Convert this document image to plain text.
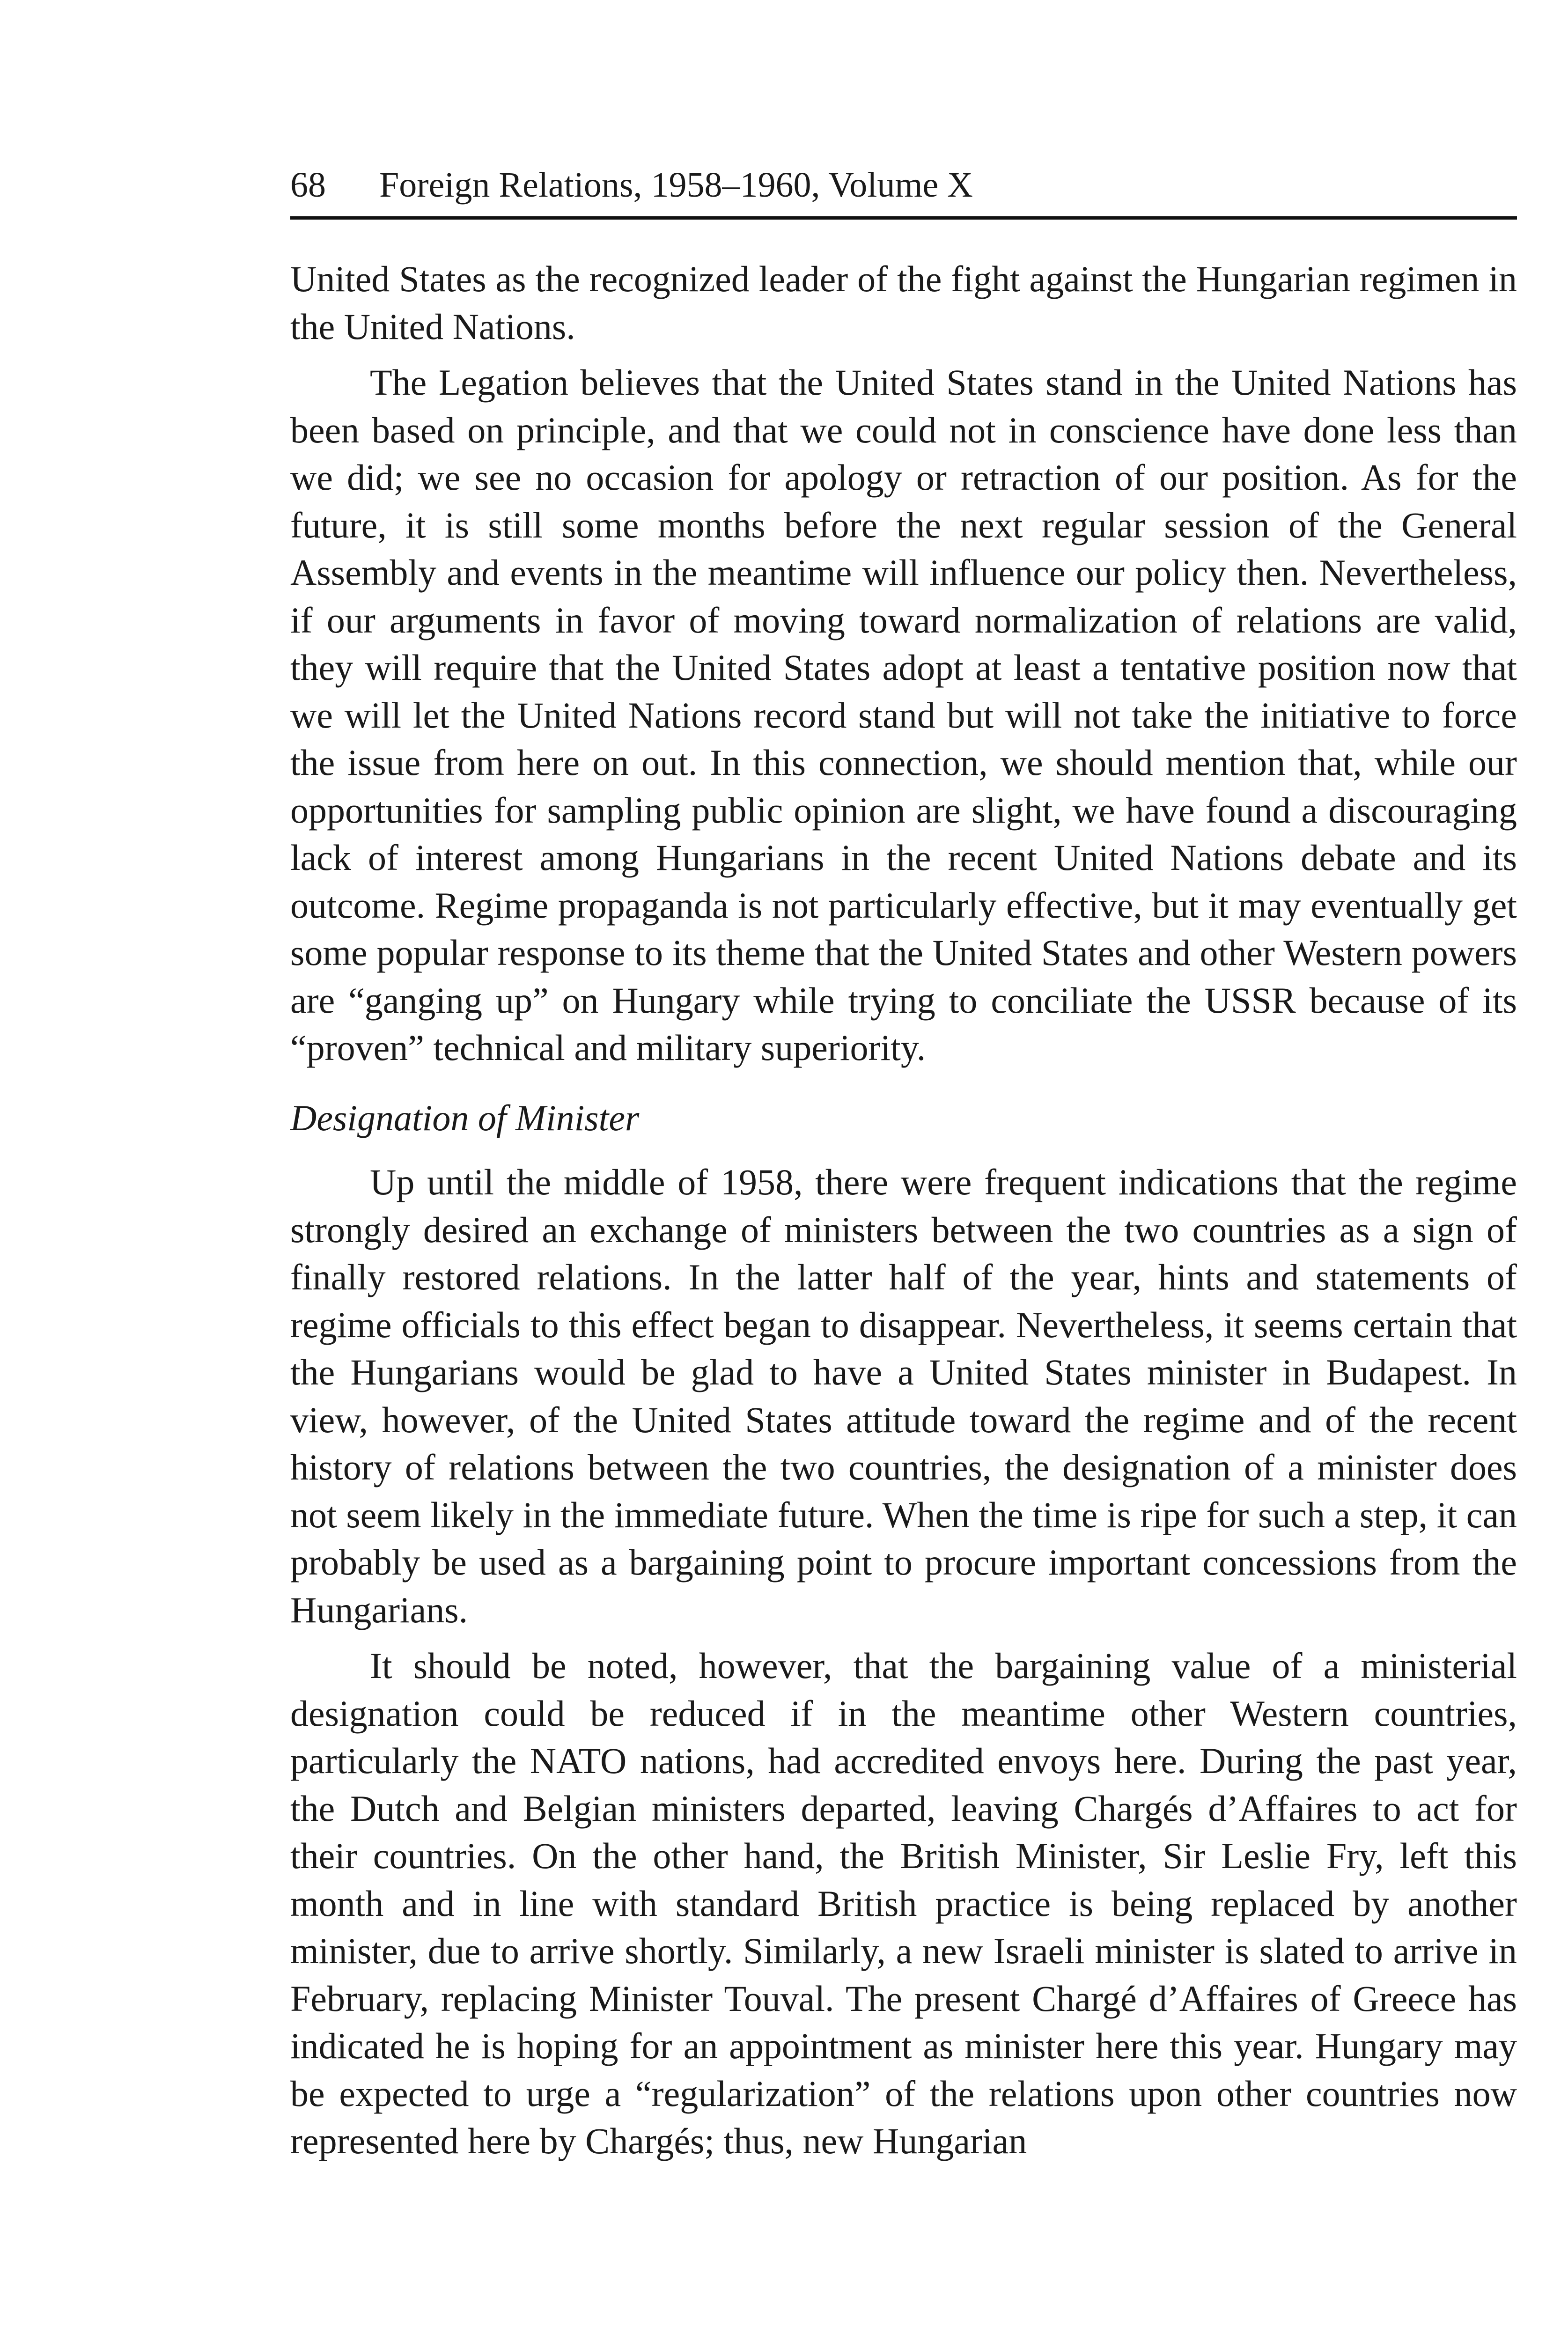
68 Foreign Relations, 1958–1960, Volume X

United States as the recognized leader of the fight against the Hungarian regimen in the United Nations.

The Legation believes that the United States stand in the United Nations has been based on principle, and that we could not in conscience have done less than we did; we see no occasion for apology or retraction of our position. As for the future, it is still some months before the next regular session of the General Assembly and events in the meantime will influence our policy then. Nevertheless, if our arguments in favor of moving toward normalization of relations are valid, they will require that the United States adopt at least a tentative position now that we will let the United Nations record stand but will not take the initiative to force the issue from here on out. In this connection, we should mention that, while our opportunities for sampling public opinion are slight, we have found a discouraging lack of interest among Hungarians in the recent United Nations debate and its outcome. Regime propaganda is not particularly effective, but it may eventually get some popular response to its theme that the United States and other Western powers are “ganging up” on Hungary while trying to conciliate the USSR because of its “proven” technical and military superiority.

Designation of Minister

Up until the middle of 1958, there were frequent indications that the regime strongly desired an exchange of ministers between the two countries as a sign of finally restored relations. In the latter half of the year, hints and statements of regime officials to this effect began to disappear. Nevertheless, it seems certain that the Hungarians would be glad to have a United States minister in Budapest. In view, however, of the United States attitude toward the regime and of the recent history of relations between the two countries, the designation of a minister does not seem likely in the immediate future. When the time is ripe for such a step, it can probably be used as a bargaining point to procure important concessions from the Hungarians.

It should be noted, however, that the bargaining value of a ministerial designation could be reduced if in the meantime other Western countries, particularly the NATO nations, had accredited envoys here. During the past year, the Dutch and Belgian ministers departed, leaving Chargés d’Affaires to act for their countries. On the other hand, the British Minister, Sir Leslie Fry, left this month and in line with standard British practice is being replaced by another minister, due to arrive shortly. Similarly, a new Israeli minister is slated to arrive in February, replacing Minister Touval. The present Chargé d’Affaires of Greece has indicated he is hoping for an appointment as minister here this year. Hungary may be expected to urge a “regularization” of the relations upon other countries now represented here by Chargés; thus, new Hungarian
